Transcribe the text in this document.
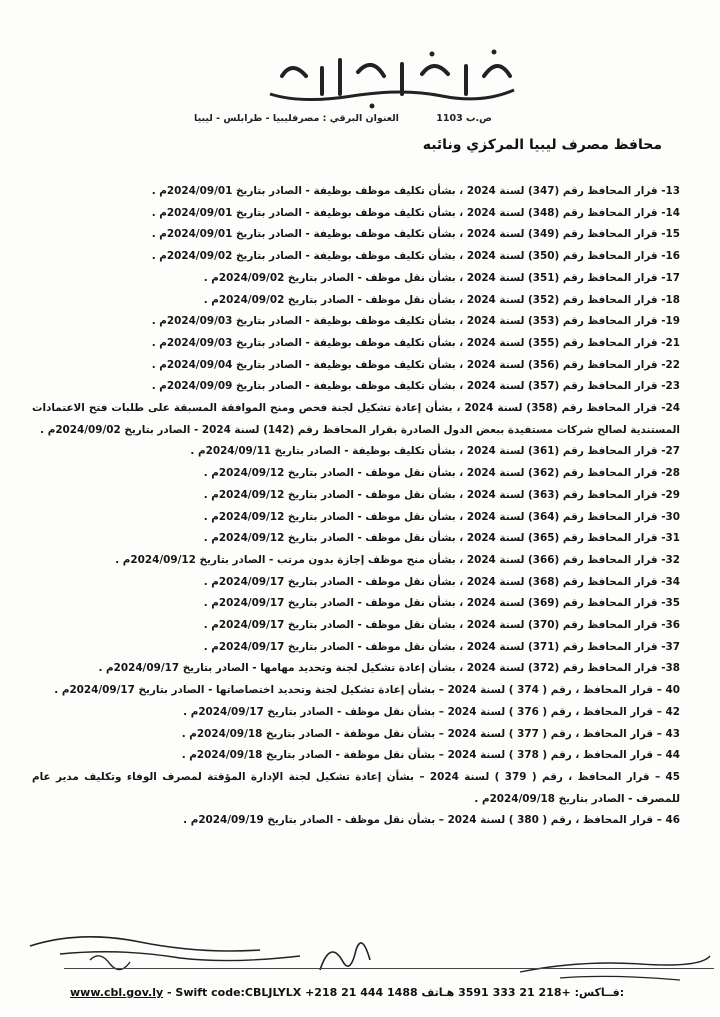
ص.ب 1103 العنوان البرقي : مصرفليبيا - طرابلس - ليبيا
محافظ مصرف ليبيا المركزي ونائبه
13- قرار المحافظ رقم (347) لسنة 2024 ، بشأن تكليف موظف بوظيفة - الصادر بتاريخ 2024/09/01م .
14- قرار المحافظ رقم (348) لسنة 2024 ، بشأن تكليف موظف بوظيفة - الصادر بتاريخ 2024/09/01م .
15- قرار المحافظ رقم (349) لسنة 2024 ، بشأن تكليف موظف بوظيفة - الصادر بتاريخ 2024/09/01م .
16- قرار المحافظ رقم (350) لسنة 2024 ، بشأن تكليف موظف بوظيفة - الصادر بتاريخ 2024/09/02م .
17- قرار المحافظ رقم (351) لسنة 2024 ، بشأن نقل موظف - الصادر بتاريخ 2024/09/02م .
18- قرار المحافظ رقم (352) لسنة 2024 ، بشأن نقل موظف - الصادر بتاريخ 2024/09/02م .
19- قرار المحافظ رقم (353) لسنة 2024 ، بشأن تكليف موظف بوظيفة - الصادر بتاريخ 2024/09/03م .
21- قرار المحافظ رقم (355) لسنة 2024 ، بشأن تكليف موظف بوظيفة - الصادر بتاريخ 2024/09/03م .
22- قرار المحافظ رقم (356) لسنة 2024 ، بشأن تكليف موظف بوظيفة - الصادر بتاريخ 2024/09/04م .
23- قرار المحافظ رقم (357) لسنة 2024 ، بشأن تكليف موظف بوظيفة - الصادر بتاريخ 2024/09/09م .
24- قرار المحافظ رقم (358) لسنة 2024 ، بشأن إعادة تشكيل لجنة فحص ومنح الموافقة المسبقة على طلبات فتح الاعتمادات المستندية لصالح شركات مستفيدة ببعض الدول الصادرة بقرار المحافظ رقم (142) لسنة 2024 - الصادر بتاريخ 2024/09/02م .
27- قرار المحافظ رقم (361) لسنة 2024 ، بشأن تكليف بوظيفة - الصادر بتاريخ 2024/09/11م .
28- قرار المحافظ رقم (362) لسنة 2024 ، بشأن نقل موظف - الصادر بتاريخ 2024/09/12م .
29- قرار المحافظ رقم (363) لسنة 2024 ، بشأن نقل موظف - الصادر بتاريخ 2024/09/12م .
30- قرار المحافظ رقم (364) لسنة 2024 ، بشأن نقل موظف - الصادر بتاريخ 2024/09/12م .
31- قرار المحافظ رقم (365) لسنة 2024 ، بشأن نقل موظف - الصادر بتاريخ 2024/09/12م .
32- قرار المحافظ رقم (366) لسنة 2024 ، بشأن منح موظف إجازة بدون مرتب - الصادر بتاريخ 2024/09/12م .
34- قرار المحافظ رقم (368) لسنة 2024 ، بشأن نقل موظف - الصادر بتاريخ 2024/09/17م .
35- قرار المحافظ رقم (369) لسنة 2024 ، بشأن نقل موظف - الصادر بتاريخ 2024/09/17م .
36- قرار المحافظ رقم (370) لسنة 2024 ، بشأن نقل موظف - الصادر بتاريخ 2024/09/17م .
37- قرار المحافظ رقم (371) لسنة 2024 ، بشأن نقل موظف - الصادر بتاريخ 2024/09/17م .
38- قرار المحافظ رقم (372) لسنة 2024 ، بشأن إعادة تشكيل لجنة وتحديد مهامها - الصادر بتاريخ 2024/09/17م .
40 – قرار المحافظ ، رقم ( 374 ) لسنة 2024 – بشأن إعادة تشكيل لجنة وتحديد اختصاصاتها - الصادر بتاريخ 2024/09/17م .
42 – قرار المحافظ ، رقم ( 376 ) لسنة 2024 – بشأن نقل موظف - الصادر بتاريخ 2024/09/17م .
43 – قرار المحافظ ، رقم ( 377 ) لسنة 2024 – بشأن نقل موظفة - الصادر بتاريخ 2024/09/18م .
44 – قرار المحافظ ، رقم ( 378 ) لسنة 2024 – بشأن نقل موظفة - الصادر بتاريخ 2024/09/18م .
45 – قرار المحافظ ، رقم ( 379 ) لسنة 2024 – بشأن إعادة تشكيل لجنة الإدارة المؤقتة لمصرف الوفاء وتكليف مدير عام للمصرف - الصادر بتاريخ 2024/09/18م .
46 – قرار المحافظ ، رقم ( 380 ) لسنة 2024 – بشأن نقل موظف - الصادر بتاريخ 2024/09/19م .
www.cbl.gov.ly - Swift code:CBLJLYLX +218 21 444 1488	فــاكس: +218 21 333 3591 هـاتف:
